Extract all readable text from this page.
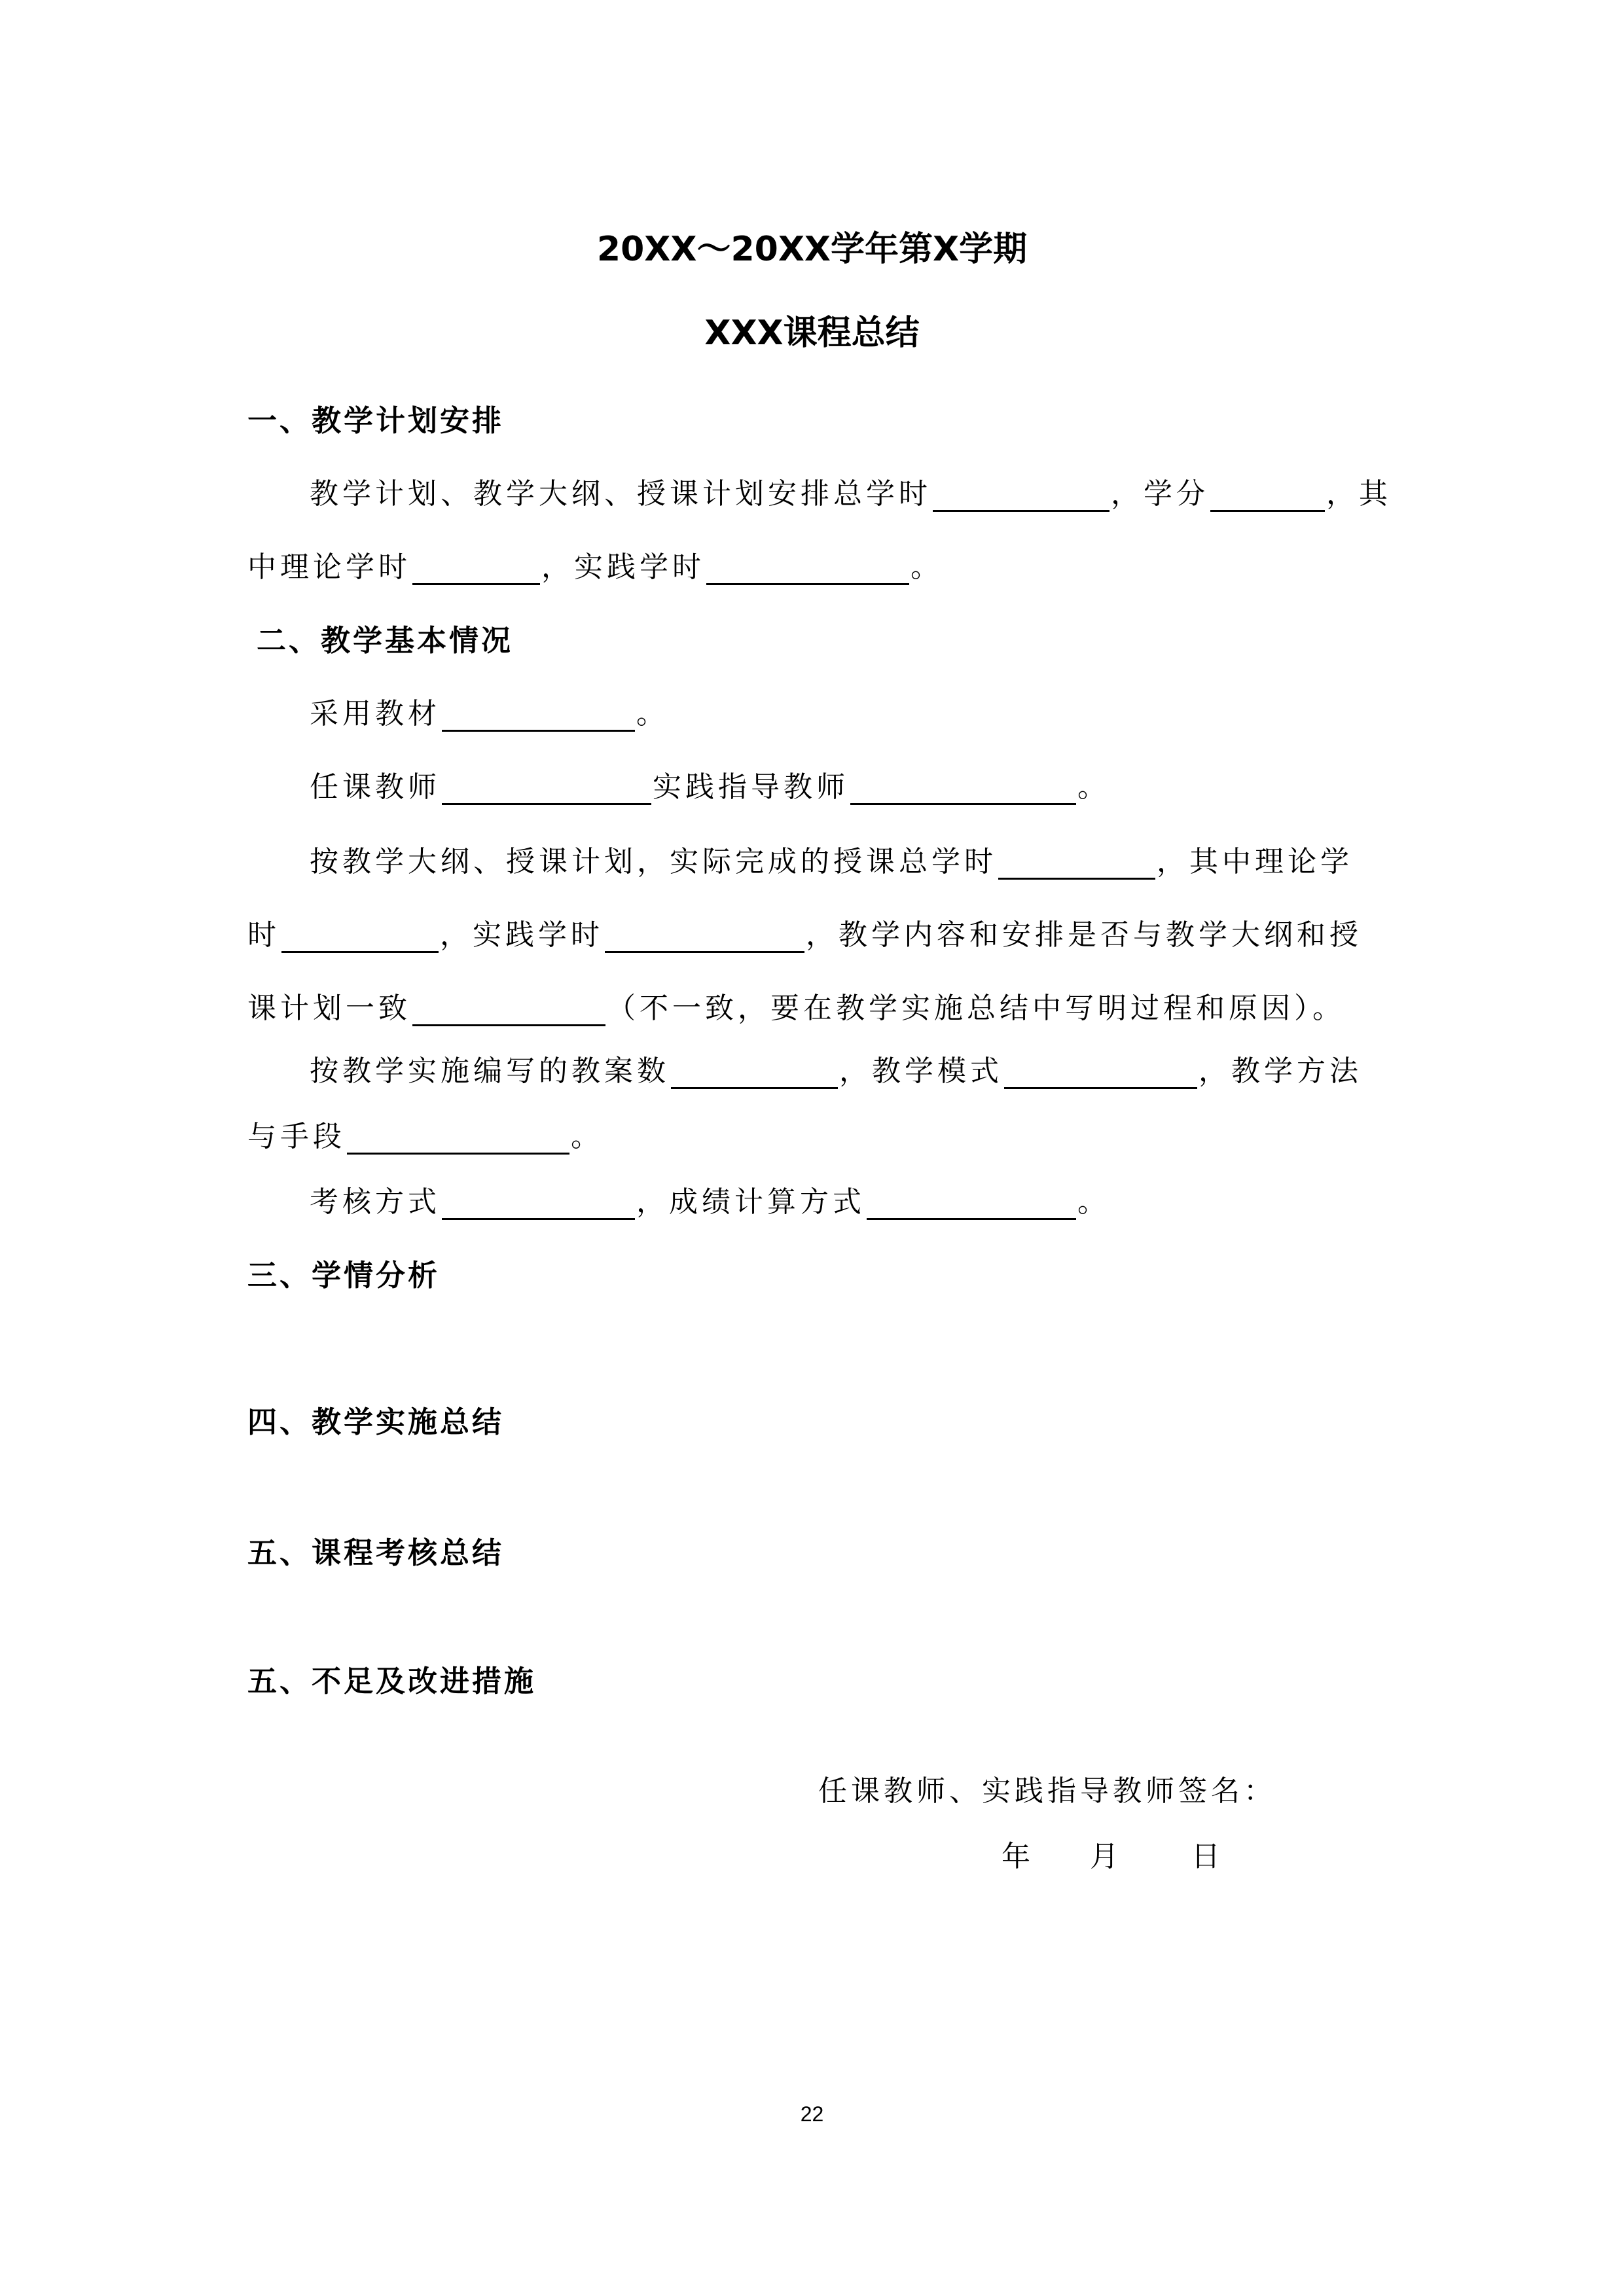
20XX～20XX学年第X学期
XXX课程总结
一、教学计划安排
教学计划、教学大纲、授课计划安排总学时	，学分	，其
中理论学时	，实践学时	。
二、教学基本情况
采用教材	。
任课教师	实践指导教师	。
按教学大纲、授课计划，实际完成的授课总学时	，其中理论学
时	，实践学时	，教学内容和安排是否与教学大纲和授
课计划一致	（不一致，要在教学实施总结中写明过程和原因）。
按教学实施编写的教案数	，教学模式	，教学方法
与手段	。
考核方式	，成绩计算方式	。
三、学情分析
四、教学实施总结
五、课程考核总结
五、不足及改进措施
任课教师、实践指导教师签名：
年 月 日
22
